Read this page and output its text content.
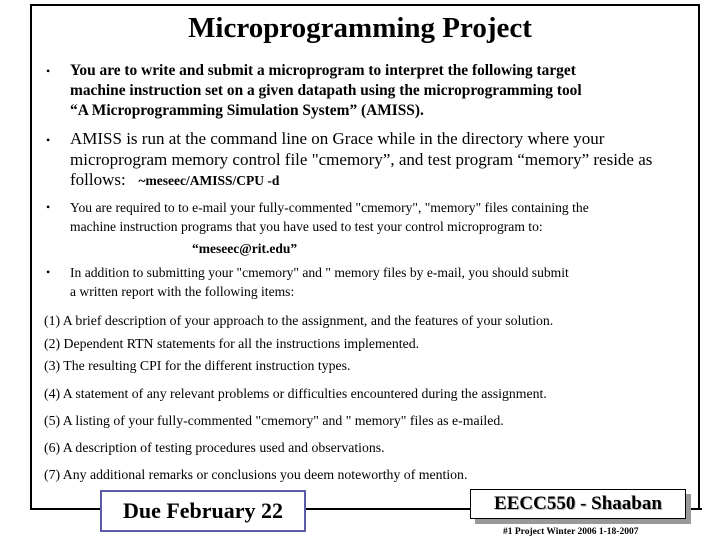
Microprogramming Project
• You are to write and submit a microprogram to interpret the following target
machine instruction set on a given datapath using the microprogramming tool
“A Microprogramming Simulation System” (AMISS).
• AMISS is run at the command line on Grace while in the directory where your
microprogram memory control file "cmemory”, and test program “memory” reside as
follows: ~meseec/AMISS/CPU -d
• You are required to to e-mail your fully-commented "cmemory", "memory" files containing the
machine instruction programs that you have used to test your control microprogram to:
“meseec@rit.edu”
• In addition to submitting your "cmemory" and " memory files by e-mail, you should submit
a written report with the following items:
(1) A brief description of your approach to the assignment, and the features of your solution.
(2) Dependent RTN statements for all the instructions implemented.
(3) The resulting CPI for the different instruction types.
(4) A statement of any relevant problems or difficulties encountered during the assignment.
(5) A listing of your fully-commented "cmemory" and " memory" files as e-mailed.
(6) A description of testing procedures used and observations.
(7) Any additional remarks or conclusions you deem noteworthy of mention.
Due February 22	EECC550 - Shaaban
#1 Project Winter 2006 1-18-2007
